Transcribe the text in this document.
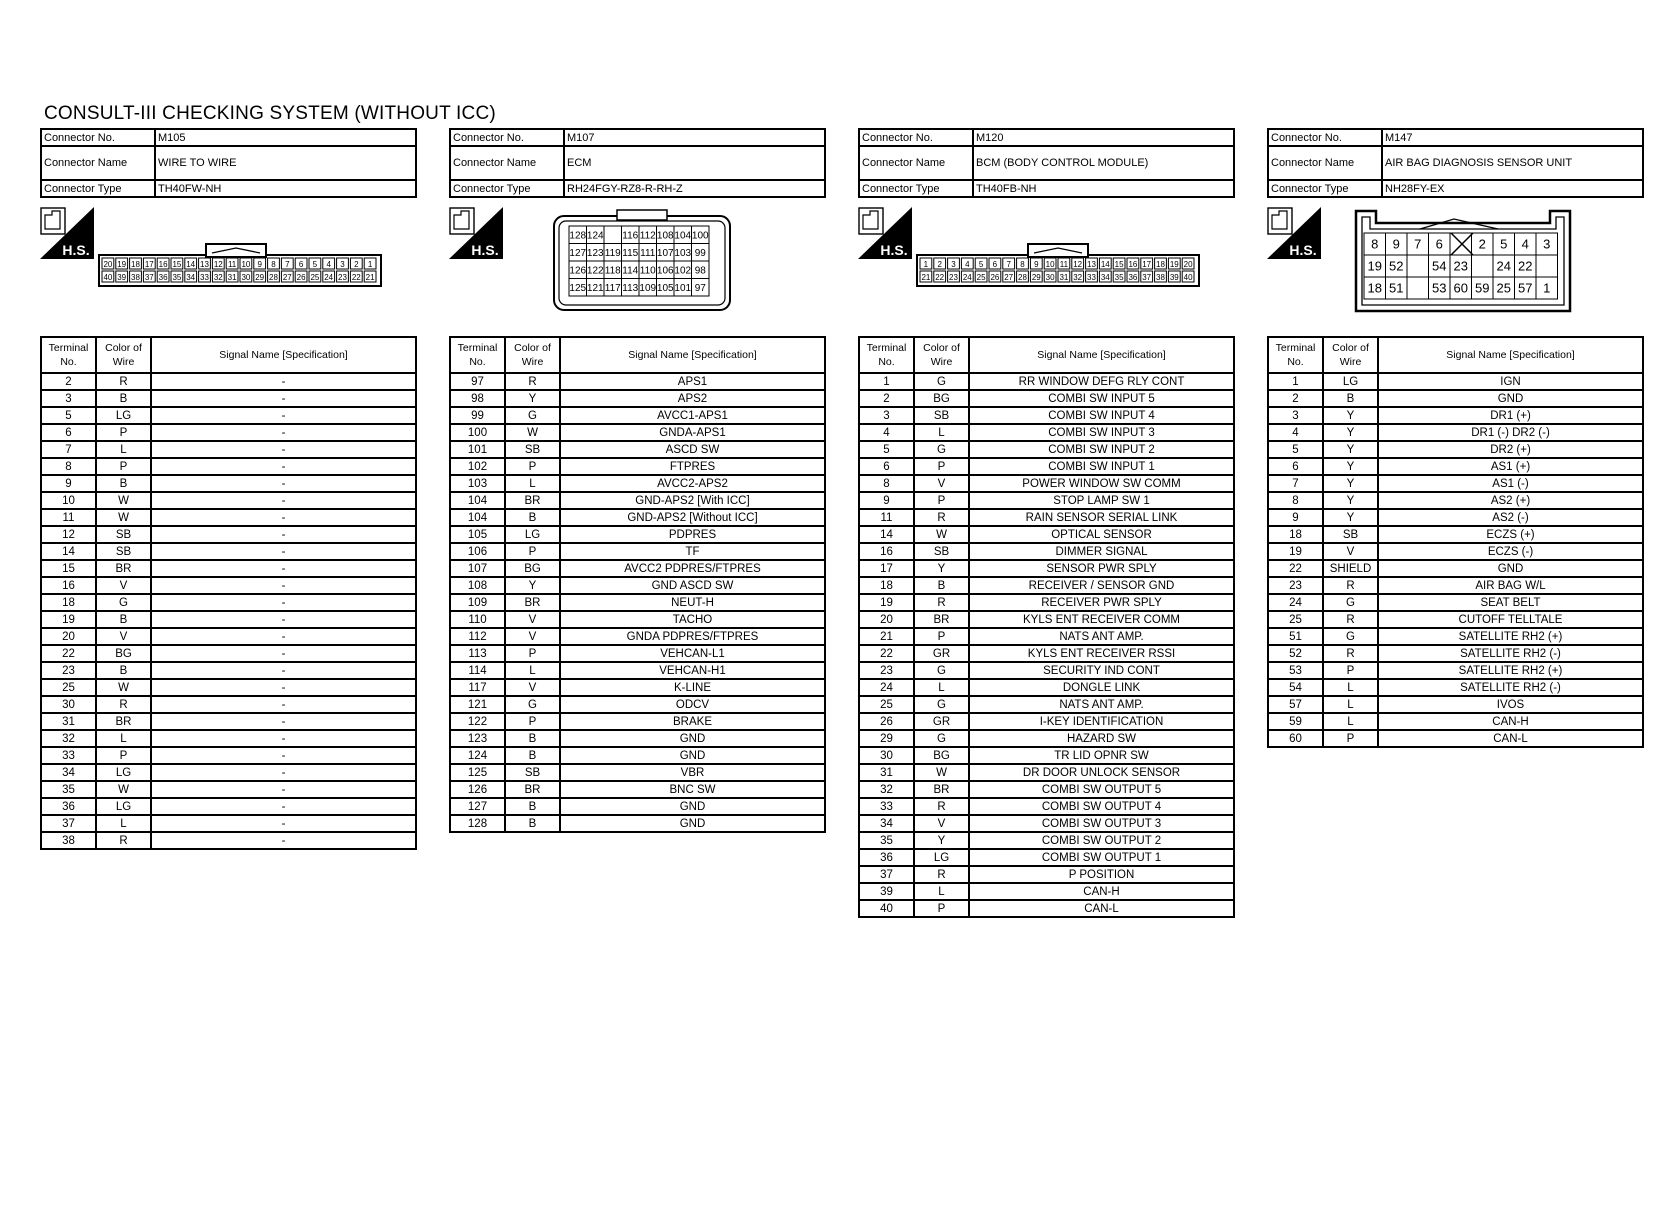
CONSULT-III CHECKING SYSTEM (WITHOUT ICC)
Connector No.	M105
Connector Name	WIRE TO WIRE
Connector Type	TH40FW-NH
H.S.
20 19 18 17 16 15 14 13 12 11 10 9 8 7 6 5 4 3 2 1
40 39 38 37 36 35 34 33 32 31 30 29 28 27 26 25 24 23 22 21
Terminal No.	Color of Wire	Signal Name [Specification]
2	R	-
3	B	-
5	LG	-
6	P	-
7	L	-
8	P	-
9	B	-
10	W	-
11	W	-
12	SB	-
14	SB	-
15	BR	-
16	V	-
18	G	-
19	B	-
20	V	-
22	BG	-
23	B	-
25	W	-
30	R	-
31	BR	-
32	L	-
33	P	-
34	LG	-
35	W	-
36	LG	-
37	L	-
38	R	-
Connector No.	M107
Connector Name	ECM
Connector Type	RH24FGY-RZ8-R-RH-Z
H.S.
128 124 116 112 108 104 100
127 123 119 115 111 107 103 99
126 122 118 114 110 106 102 98
125 121 117 113 109 105 101 97
Terminal No.	Color of Wire	Signal Name [Specification]
97	R	APS1
98	Y	APS2
99	G	AVCC1-APS1
100	W	GNDA-APS1
101	SB	ASCD SW
102	P	FTPRES
103	L	AVCC2-APS2
104	BR	GND-APS2 [With ICC]
104	B	GND-APS2 [Without ICC]
105	LG	PDPRES
106	P	TF
107	BG	AVCC2 PDPRES/FTPRES
108	Y	GND ASCD SW
109	BR	NEUT-H
110	V	TACHO
112	V	GNDA PDPRES/FTPRES
113	P	VEHCAN-L1
114	L	VEHCAN-H1
117	V	K-LINE
121	G	ODCV
122	P	BRAKE
123	B	GND
124	B	GND
125	SB	VBR
126	BR	BNC SW
127	B	GND
128	B	GND
Connector No.	M120
Connector Name	BCM (BODY CONTROL MODULE)
Connector Type	TH40FB-NH
H.S.
1 2 3 4 5 6 7 8 9 10 11 12 13 14 15 16 17 18 19 20
21 22 23 24 25 26 27 28 29 30 31 32 33 34 35 36 37 38 39 40
Terminal No.	Color of Wire	Signal Name [Specification]
1	G	RR WINDOW DEFG RLY CONT
2	BG	COMBI SW INPUT 5
3	SB	COMBI SW INPUT 4
4	L	COMBI SW INPUT 3
5	G	COMBI SW INPUT 2
6	P	COMBI SW INPUT 1
8	V	POWER WINDOW SW COMM
9	P	STOP LAMP SW 1
11	R	RAIN SENSOR SERIAL LINK
14	W	OPTICAL SENSOR
16	SB	DIMMER SIGNAL
17	Y	SENSOR PWR SPLY
18	B	RECEIVER / SENSOR GND
19	R	RECEIVER PWR SPLY
20	BR	KYLS ENT RECEIVER COMM
21	P	NATS ANT AMP.
22	GR	KYLS ENT RECEIVER RSSI
23	G	SECURITY IND CONT
24	L	DONGLE LINK
25	G	NATS ANT AMP.
26	GR	I-KEY IDENTIFICATION
29	G	HAZARD SW
30	BG	TR LID OPNR SW
31	W	DR DOOR UNLOCK SENSOR
32	BR	COMBI SW OUTPUT 5
33	R	COMBI SW OUTPUT 4
34	V	COMBI SW OUTPUT 3
35	Y	COMBI SW OUTPUT 2
36	LG	COMBI SW OUTPUT 1
37	R	P POSITION
39	L	CAN-H
40	P	CAN-L
Connector No.	M147
Connector Name	AIR BAG DIAGNOSIS SENSOR UNIT
Connector Type	NH28FY-EX
H.S.	8 9 7 6	2 5 4 3
19 52 54 23 24 22
18 51 53 60 59 25 57 1
Terminal No.	Color of Wire	Signal Name [Specification]
1	LG	IGN
2	B	GND
3	Y	DR1 (+)
4	Y	DR1 (-) DR2 (-)
5	Y	DR2 (+)
6	Y	AS1 (+)
7	Y	AS1 (-)
8	Y	AS2 (+)
9	Y	AS2 (-)
18	SB	ECZS (+)
19	V	ECZS (-)
22	SHIELD	GND
23	R	AIR BAG W/L
24	G	SEAT BELT
25	R	CUTOFF TELLTALE
51	G	SATELLITE RH2 (+)
52	R	SATELLITE RH2 (-)
53	P	SATELLITE RH2 (+)
54	L	SATELLITE RH2 (-)
57	L	IVOS
59	L	CAN-H
60	P	CAN-L
